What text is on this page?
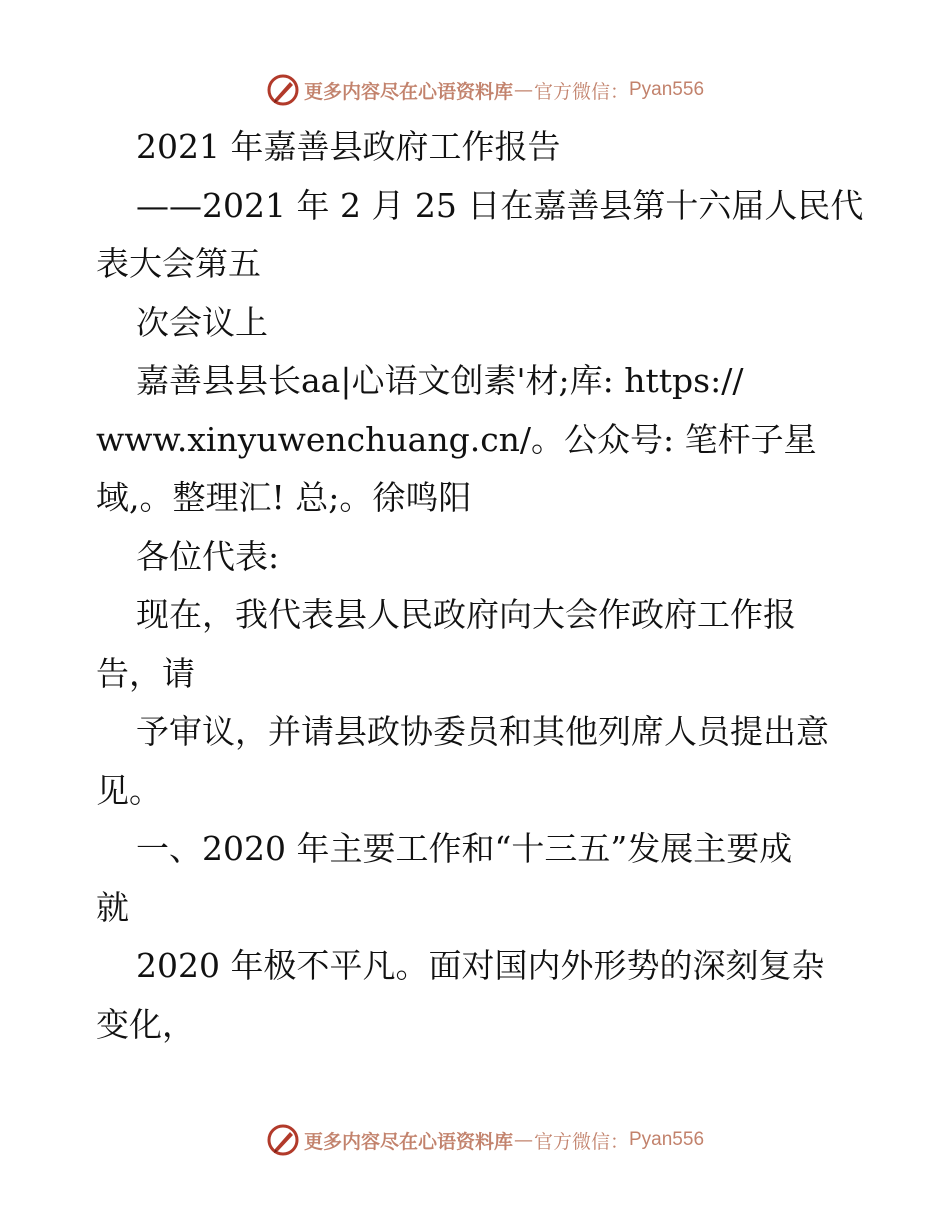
更多内容尽在心语资料库 — 官方微信： Pyan556
2021 年嘉善县政府工作报告
——2021 年 2 月 25 日在嘉善县第十六届人民代
表大会第五
次会议上
嘉善县县长aa|心语文创素'材;库: https://
www.xinyuwenchuang.cn/。公众号: 笔杆子星
域,。整理汇! 总;。徐鸣阳
各位代表:
现在，我代表县人民政府向大会作政府工作报
告，请
予审议，并请县政协委员和其他列席人员提出意
见。
一、2020 年主要工作和“十三五”发展主要成
就
2020 年极不平凡。面对国内外形势的深刻复杂
变化，
更多内容尽在心语资料库 — 官方微信： Pyan556
